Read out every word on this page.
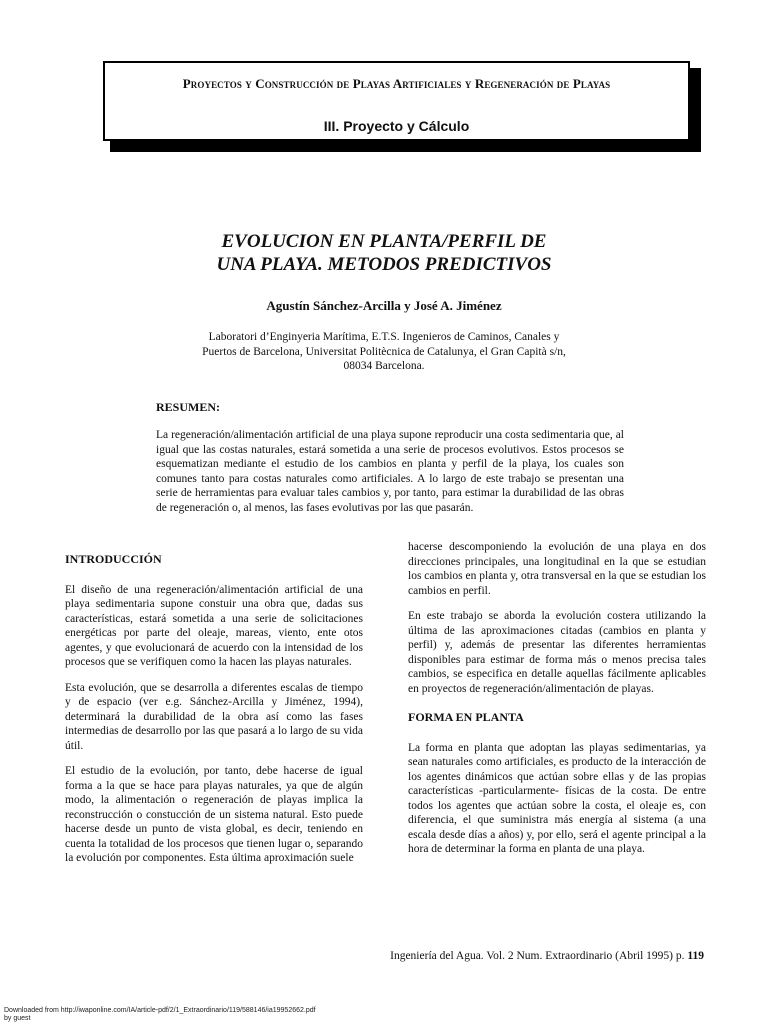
Proyectos y Construcción de Playas Artificiales y Regeneración de Playas
III. Proyecto y Cálculo
EVOLUCION EN PLANTA/PERFIL DE
UNA PLAYA. METODOS PREDICTIVOS
Agustín Sánchez-Arcilla y José A. Jiménez
Laboratori d’Enginyeria Marítima, E.T.S. Ingenieros de Caminos, Canales y
Puertos de Barcelona, Universitat Politècnica de Catalunya, el Gran Capità s/n,
08034 Barcelona.
RESUMEN:
La regeneración/alimentación artificial de una playa supone reproducir una costa sedimentaria que, al igual que las costas naturales, estará sometida a una serie de procesos evolutivos. Estos procesos se esquematizan mediante el estudio de los cambios en planta y perfil de la playa, los cuales son comunes tanto para costas naturales como artificiales. A lo largo de este trabajo se presentan una serie de herramientas para evaluar tales cambios y, por tanto, para estimar la durabilidad de las obras de regeneración o, al menos, las fases evolutivas por las que pasarán.
INTRODUCCIÓN

El diseño de una regeneración/alimentación artificial de una playa sedimentaria supone constuir una obra que, dadas sus características, estará sometida a una serie de solicitaciones energéticas por parte del oleaje, mareas, viento, ente otos agentes, y que evolucionará de acuerdo con la intensidad de los procesos que se verifiquen como la hacen las playas naturales.

Esta evolución, que se desarrolla a diferentes escalas de tiempo y de espacio (ver e.g. Sánchez-Arcilla y Jiménez, 1994), determinará la durabilidad de la obra así como las fases intermedias de desarrollo por las que pasará a lo largo de su vida útil.

El estudio de la evolución, por tanto, debe hacerse de igual forma a la que se hace para playas naturales, ya que de algún modo, la alimentación o regeneración de playas implica la reconstrucción o constucción de un sistema natural. Esto puede hacerse desde un punto de vista global, es decir, teniendo en cuenta la totalidad de los procesos que tienen lugar o, separando la evolución por componentes. Esta última aproximación suele

hacerse descomponiendo la evolución de una playa en dos direcciones principales, una longitudinal en la que se estudian los cambios en planta y, otra transversal en la que se estudian los cambios en perfil.

En este trabajo se aborda la evolución costera utilizando la última de las aproximaciones citadas (cambios en planta y perfil) y, además de presentar las diferentes herramientas disponibles para estimar de forma más o menos precisa tales cambios, se especifica en detalle aquellas fácilmente aplicables en proyectos de regeneración/alimentación de playas.

FORMA EN PLANTA

La forma en planta que adoptan las playas sedimentarias, ya sean naturales como artificiales, es producto de la interacción de los agentes dinámicos que actúan sobre ellas y de las propias características -particularmente- físicas de la costa. De entre todos los agentes que actúan sobre la costa, el oleaje es, con diferencia, el que suministra más energía al sistema (a una escala desde días a años) y, por ello, será el agente principal a la hora de determinar la forma en planta de una playa.

Ingeniería del Agua. Vol. 2 Num. Extraordinario (Abril 1995) p. 119
Downloaded from http://iwaponline.com/IA/article-pdf/2/1_Extraordinario/119/588146/ia19952662.pdf
by guest
